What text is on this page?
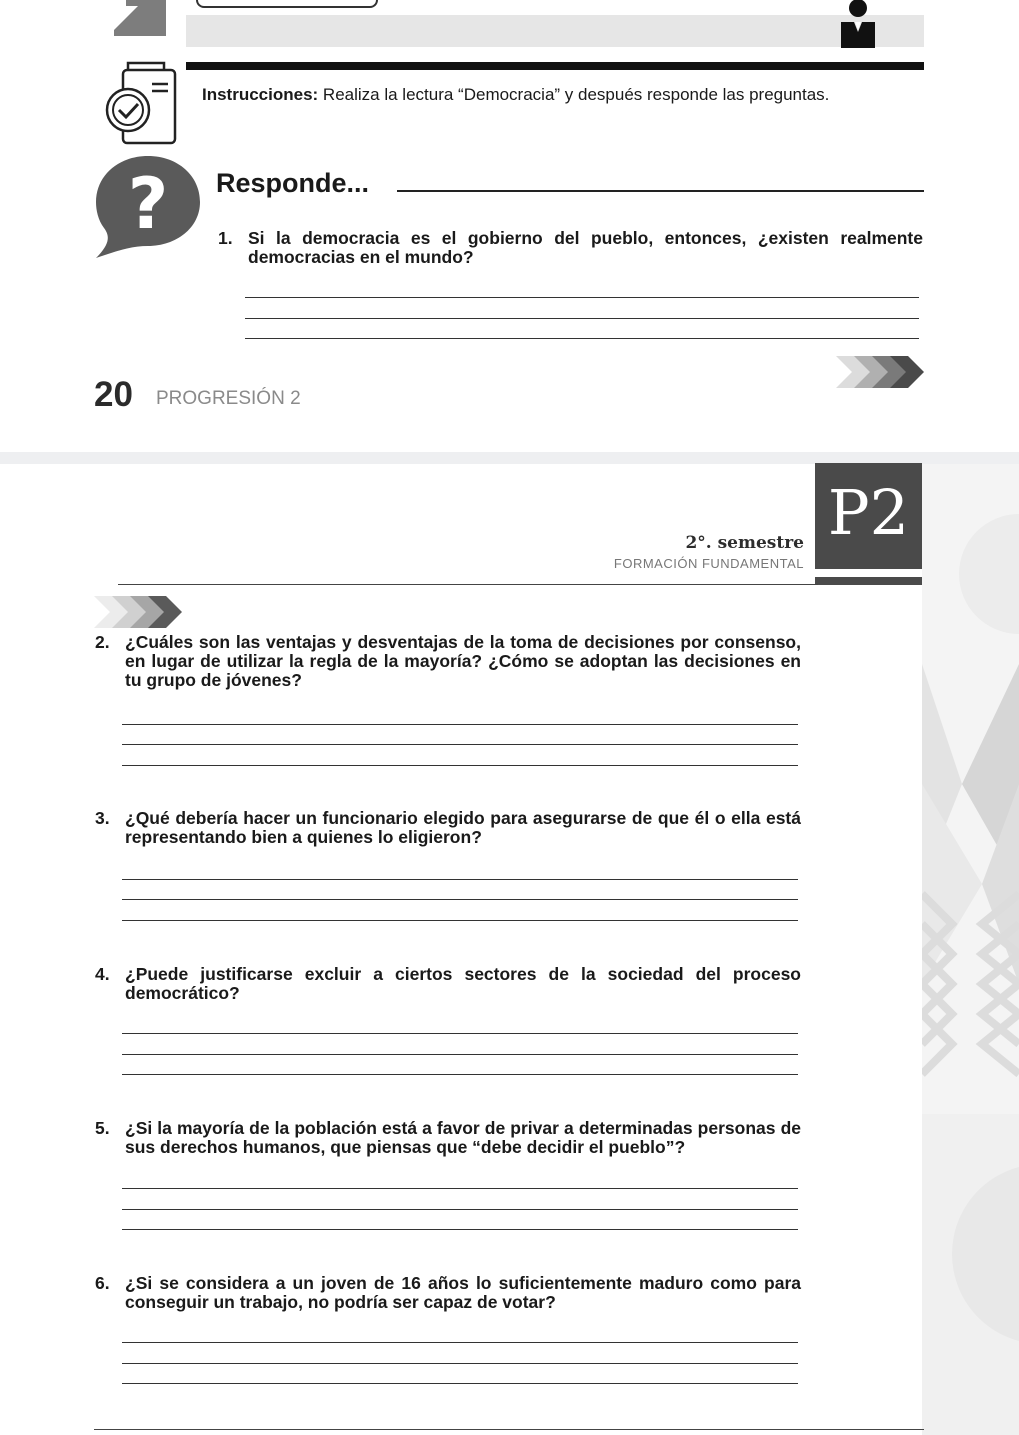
Instrucciones: Realiza la lectura “Democracia” y después responde las preguntas.
? Responde...
1. Si la democracia es el gobierno del pueblo, entonces, ¿existen realmente democracias en el mundo?
20 PROGRESIÓN 2
2°. semestre
FORMACIÓN FUNDAMENTAL
P2
2. ¿Cuáles son las ventajas y desventajas de la toma de decisiones por consenso, en lugar de utilizar la regla de la mayoría? ¿Cómo se adoptan las decisiones en tu grupo de jóvenes?
3. ¿Qué debería hacer un funcionario elegido para asegurarse de que él o ella está representando bien a quienes lo eligieron?
4. ¿Puede justificarse excluir a ciertos sectores de la sociedad del proceso democrático?
5. ¿Si la mayoría de la población está a favor de privar a determinadas personas de sus derechos humanos, que piensas que “debe decidir el pueblo”?
6. ¿Si se considera a un joven de 16 años lo suficientemente maduro como para conseguir un trabajo, no podría ser capaz de votar?
